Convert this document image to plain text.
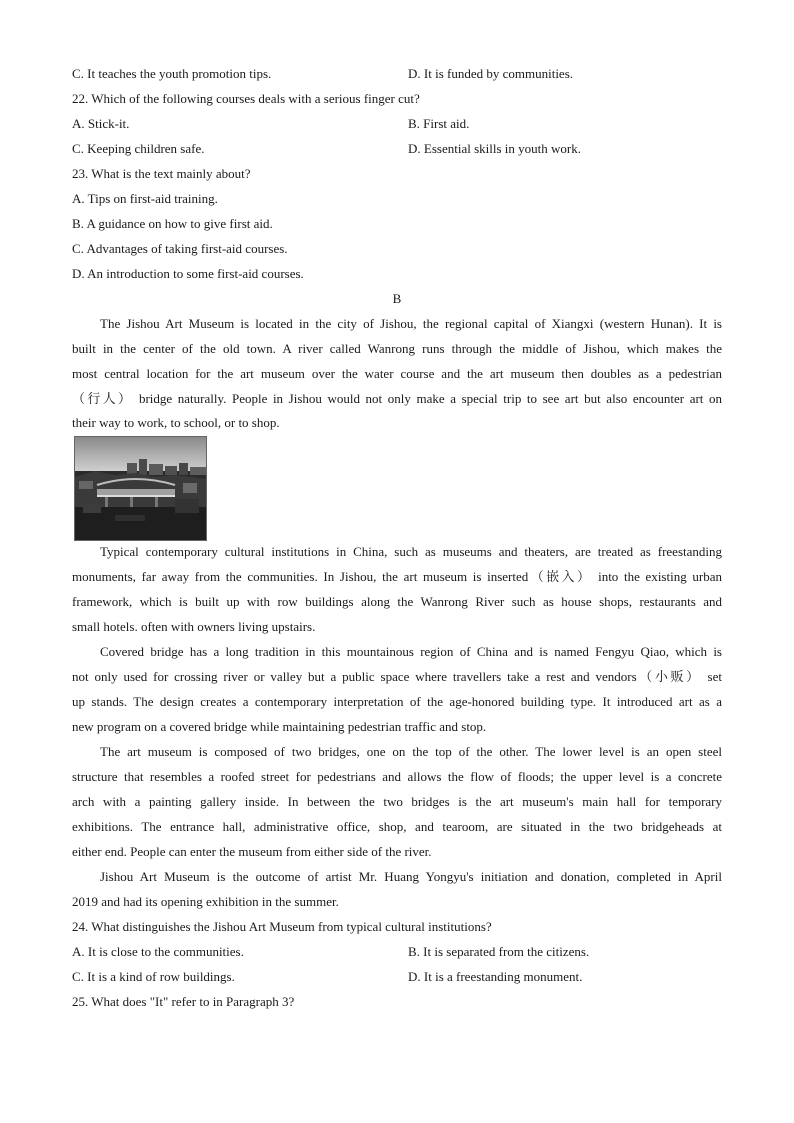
C. It teaches the youth promotion tips.	D. It is funded by communities.
22. Which of the following courses deals with a serious finger cut?
A. Stick-it.	B. First aid.
C. Keeping children safe.	D. Essential skills in youth work.
23. What is the text mainly about?
A. Tips on first-aid training.
B. A guidance on how to give first aid.
C. Advantages of taking first-aid courses.
D. An introduction to some first-aid courses.
B
The Jishou Art Museum is located in the city of Jishou, the regional capital of Xiangxi (western Hunan). It is
built in the center of the old town. A river called Wanrong runs through the middle of Jishou, which makes the
most central location for the art museum over the water course and the art museum then doubles as a pedestrian
（行人） bridge naturally. People in Jishou would not only make a special trip to see art but also encounter art on
their way to work, to school, or to shop.
Typical contemporary cultural institutions in China, such as museums and theaters, are treated as freestanding
monuments, far away from the communities. In Jishou, the art museum is inserted（嵌入） into the existing urban
framework, which is built up with row buildings along the Wanrong River such as house shops, restaurants and
small hotels. often with owners living upstairs.
Covered bridge has a long tradition in this mountainous region of China and is named Fengyu Qiao, which is
not only used for crossing river or valley but a public space where travellers take a rest and vendors（小贩） set
up stands. The design creates a contemporary interpretation of the age-honored building type. It introduced art as a
new program on a covered bridge while maintaining pedestrian traffic and stop.
The art museum is composed of two bridges, one on the top of the other. The lower level is an open steel
structure that resembles a roofed street for pedestrians and allows the flow of floods; the upper level is a concrete
arch with a painting gallery inside. In between the two bridges is the art museum's main hall for temporary
exhibitions. The entrance hall, administrative office, shop, and tearoom, are situated in the two bridgeheads at
either end. People can enter the museum from either side of the river.
Jishou Art Museum is the outcome of artist Mr. Huang Yongyu's initiation and donation, completed in April
2019 and had its opening exhibition in the summer.
24. What distinguishes the Jishou Art Museum from typical cultural institutions?
A. It is close to the communities.	B. It is separated from the citizens.
C. It is a kind of row buildings.	D. It is a freestanding monument.
25. What does "It" refer to in Paragraph 3?
